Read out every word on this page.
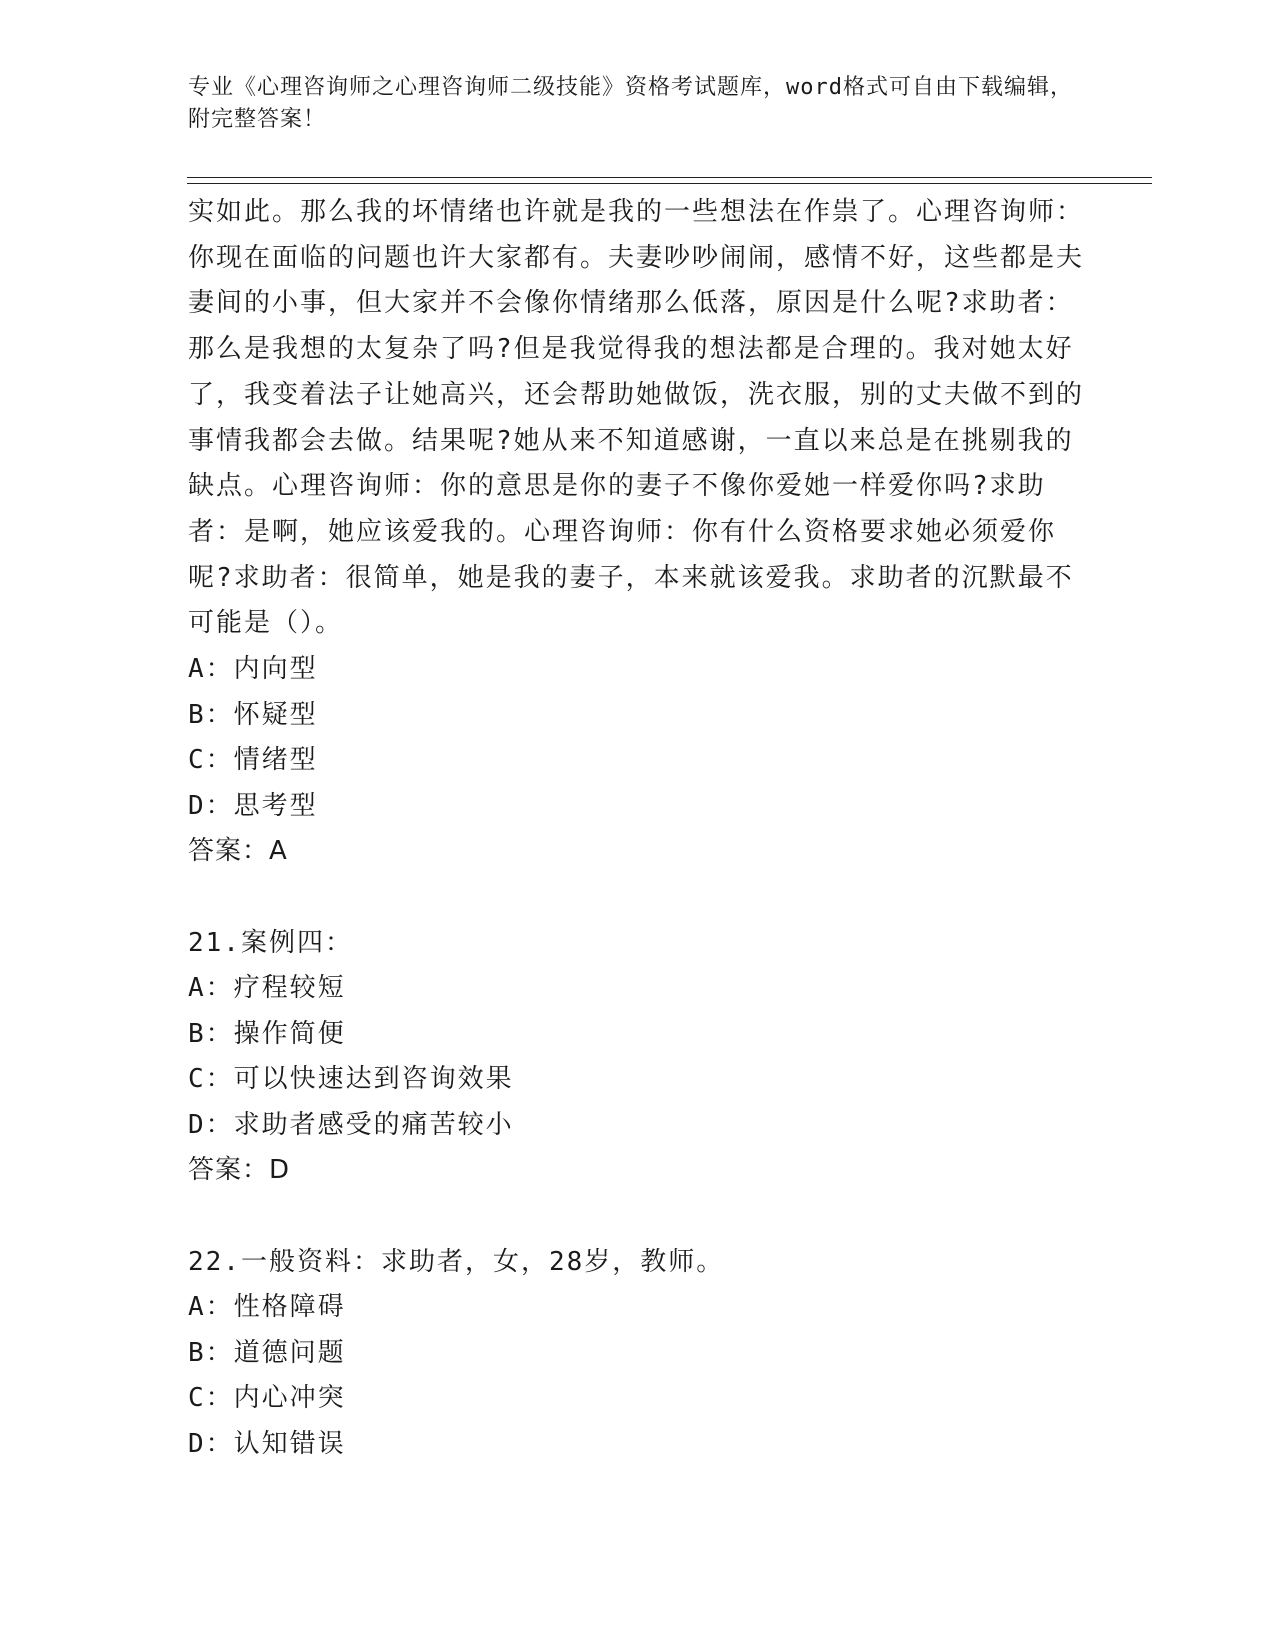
专业《心理咨询师之心理咨询师二级技能》资格考试题库，word格式可自由下载编辑，附完整答案！

实如此。那么我的坏情绪也许就是我的一些想法在作祟了。心理咨询师：你现在面临的问题也许大家都有。夫妻吵吵闹闹，感情不好，这些都是夫妻间的小事，但大家并不会像你情绪那么低落，原因是什么呢?求助者：那么是我想的太复杂了吗?但是我觉得我的想法都是合理的。我对她太好了，我变着法子让她高兴，还会帮助她做饭，洗衣服，别的丈夫做不到的事情我都会去做。结果呢?她从来不知道感谢，一直以来总是在挑剔我的缺点。心理咨询师：你的意思是你的妻子不像你爱她一样爱你吗?求助者：是啊，她应该爱我的。心理咨询师：你有什么资格要求她必须爱你呢?求助者：很简单，她是我的妻子，本来就该爱我。求助者的沉默最不可能是（）。

A：内向型

B：怀疑型

C：情绪型

D：思考型

答案：A

21.案例四：

A：疗程较短

B：操作简便

C：可以快速达到咨询效果

D：求助者感受的痛苦较小

答案：D

22.一般资料：求助者，女，28岁，教师。

A：性格障碍

B：道德问题

C：内心冲突

D：认知错误
